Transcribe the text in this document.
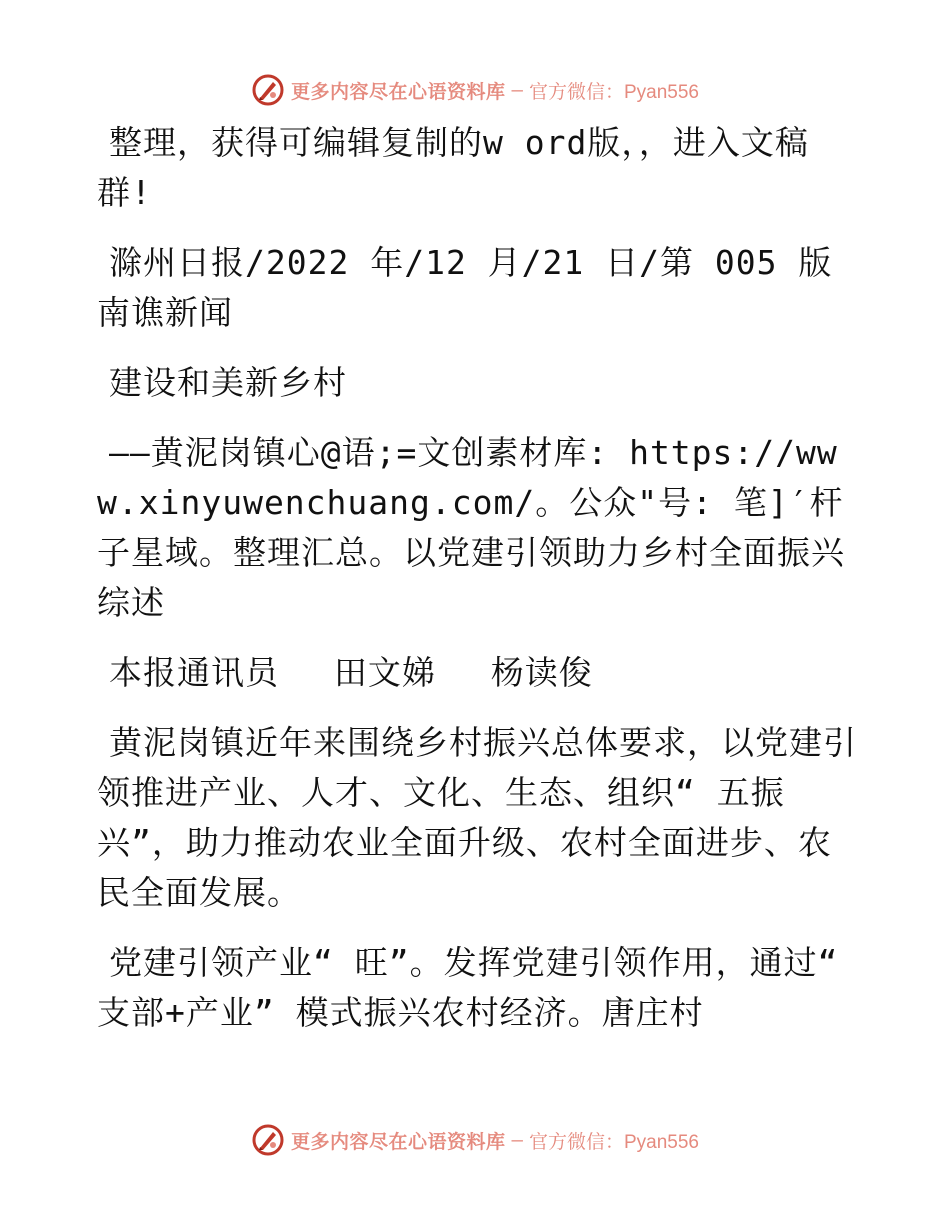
更多内容尽在心语资料库 — 官方微信：Pyan556

整理，获得可编辑复制的w ord版，，进入文稿群!

滁州日报/2022 年/12 月/21 日/第 005 版南谯新闻

建设和美新乡村

——黄泥岗镇心@语;=文创素材库: https://www.xinyuwenchuang.com/。公众"号: 笔]′杆子星域。整理汇总。以党建引领助力乡村全面振兴综述

本报通讯员　 田文娣　 杨读俊

黄泥岗镇近年来围绕乡村振兴总体要求，以党建引领推进产业、人才、文化、生态、组织“ 五振兴”，助力推动农业全面升级、农村全面进步、农民全面发展。

党建引领产业“ 旺”。发挥党建引领作用，通过“ 支部+产业” 模式振兴农村经济。唐庄村

更多内容尽在心语资料库 — 官方微信：Pyan556
